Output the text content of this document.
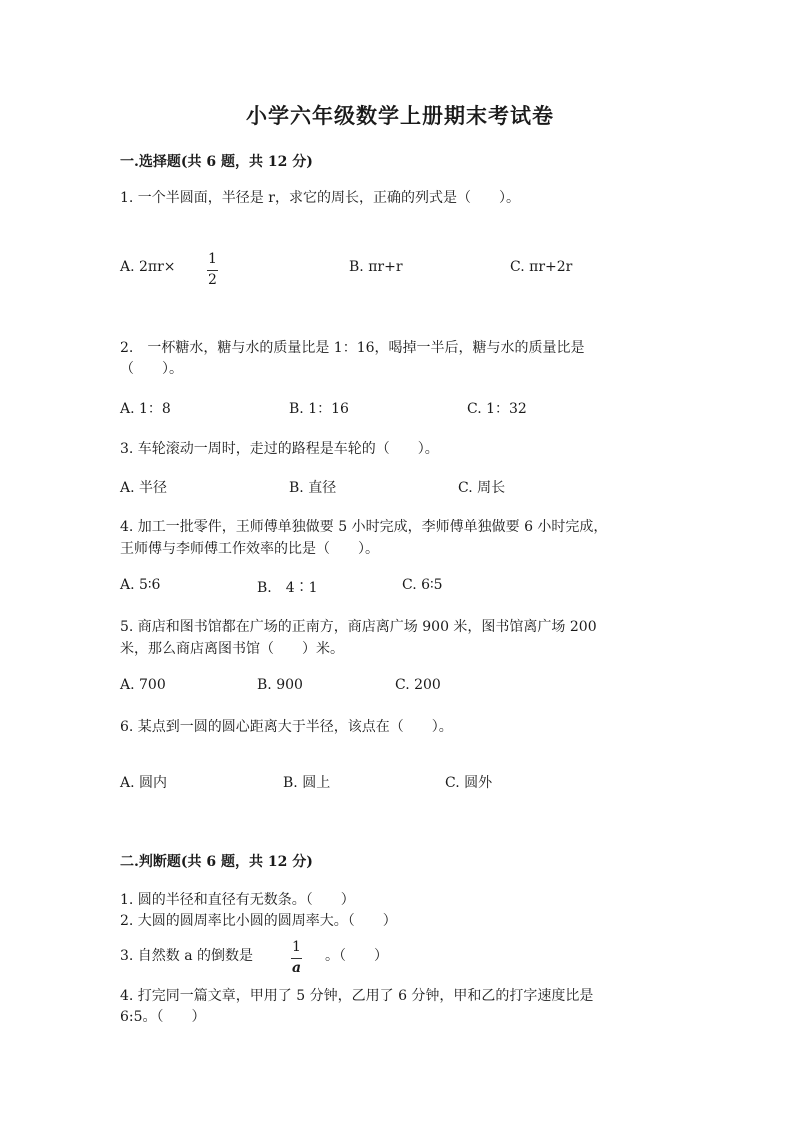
小学六年级数学上册期末考试卷
一.选择题(共 6 题，共 12 分)
1. 一个半圆面，半径是 r，求它的周长，正确的列式是（　　）。
A. 2πr× 1
2
B. πr+r	C. πr+2r
2.　一杯糖水，糖与水的质量比是 1：16，喝掉一半后，糖与水的质量比是
（　　）。
A. 1：8	B. 1：16	C. 1：32
3. 车轮滚动一周时，走过的路程是车轮的（　　）。
A. 半径	B. 直径	C. 周长
4. 加工一批零件，王师傅单独做要 5 小时完成，李师傅单独做要 6 小时完成，
王师傅与李师傅工作效率的比是（　　）。
A. 5∶6	B.　4∶1	C. 6∶5
5. 商店和图书馆都在广场的正南方，商店离广场 900 米，图书馆离广场 200
米，那么商店离图书馆（　　）米。
A. 700	B. 900	C. 200
6. 某点到一圆的圆心距离大于半径，该点在（　　）。
A. 圆内	B. 圆上	C. 圆外
二.判断题(共 6 题，共 12 分)
1. 圆的半径和直径有无数条。（　　）
2. 大圆的圆周率比小圆的圆周率大。（　　）
3. 自然数 a 的倒数是
1
a
。（　　）
4. 打完同一篇文章，甲用了 5 分钟，乙用了 6 分钟，甲和乙的打字速度比是
6:5。（　　）
